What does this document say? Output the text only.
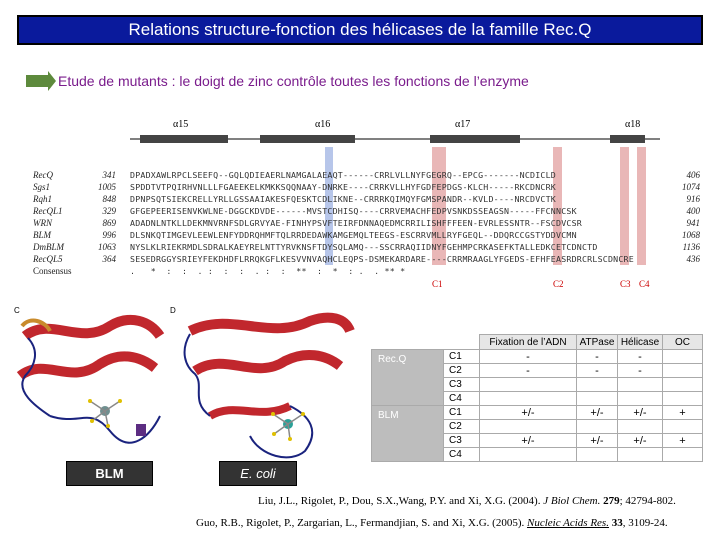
Relations structure-fonction des hélicases de la famille Rec.Q
Etude de mutants : le doigt de zinc contrôle toutes les fonctions de l’enzyme
α15	α16	α17	α18
RecQ	341 DPADXAWLRPCLSEEFQ--GQLQDIEAERLNAMGALAEAQT------CRRLVLLNYFGEGRQ--EPCG-------NCDICLD	406
Sgs1	1005 SPDDTVTPQIRHVNLLLFGAEEKELKMKKSQQNAAY-DNRKE----CRRKVLLHYFGDFEPDGS-KLCH-----RKCDNCRK	1074
Rqh1	848 DPNPSQTSIEKCRELLYRLLGSSAAIAKESFQESKTCDLIKNE--CRRRKQIMQYFGMSPANDR--KVLD----NRCDVCTK	916
RecQL1	329 GFGEPEERISENVKWLNE-DGGCKDVDE------MVSTCDHISQ----CRRVEMACHFEDPVSNKDSSEAGSN-----FFCNNCSK	400
WRN	869 ADADNLNTKLLDEKMNVRNFSDLGRVYAE-FINHYPSVFTEIRFDNNAQEDMCRRILISHFFFEEN-EVRLESSNTR--FSCDVCSR	941
BLM	996 DLSNKQTIMGEVLEEWLENFYDDRQHMFTQLRRDEDAWKAMGEMQLTEEGS-ESCRRVMLLRYFGEQL--DDQRCCGSTYDDVCMN	1068
DmBLM	1063 NYSLKLRIEKRMDLSDRALKAEYRELNTTYRVKNSFTDYSQLAMQ---SSCRRAQIIDNYFGEHMPCRKASEFKTALLEDKCETCDNCTD	1136
RecQL5	364 SESEDRGGYSRIEYFEKDHDFLRRQKGFLKESVVNVAQHCLEQPS-DSMEKARDARE----CRRMRAAGLYFGEDS-EFHFEASRDRCRLSCDNCRE	436
Consensus	.   *  :  :  . :  :  :  . :  :  **  :  *  : .  . ** *
C1	C2	C3 C4
C	D
BLM	E. coli
		Fixation de l’ADN	ATPase	Hélicase	OC
Rec.Q	C1	-	-	-	
	C2	-	-	-	
	C3				
	C4				
BLM	C1	+/-	+/-	+/-	+
	C2				
	C3	+/-	+/-	+/-	+
	C4				
Liu, J.L., Rigolet, P., Dou, S.X.,Wang, P.Y. and Xi, X.G. (2004). J Biol Chem. 279; 42794-802.
Guo, R.B., Rigolet, P., Zargarian, L., Fermandjian, S. and Xi, X.G. (2005). Nucleic Acids Res. 33, 3109-24.
